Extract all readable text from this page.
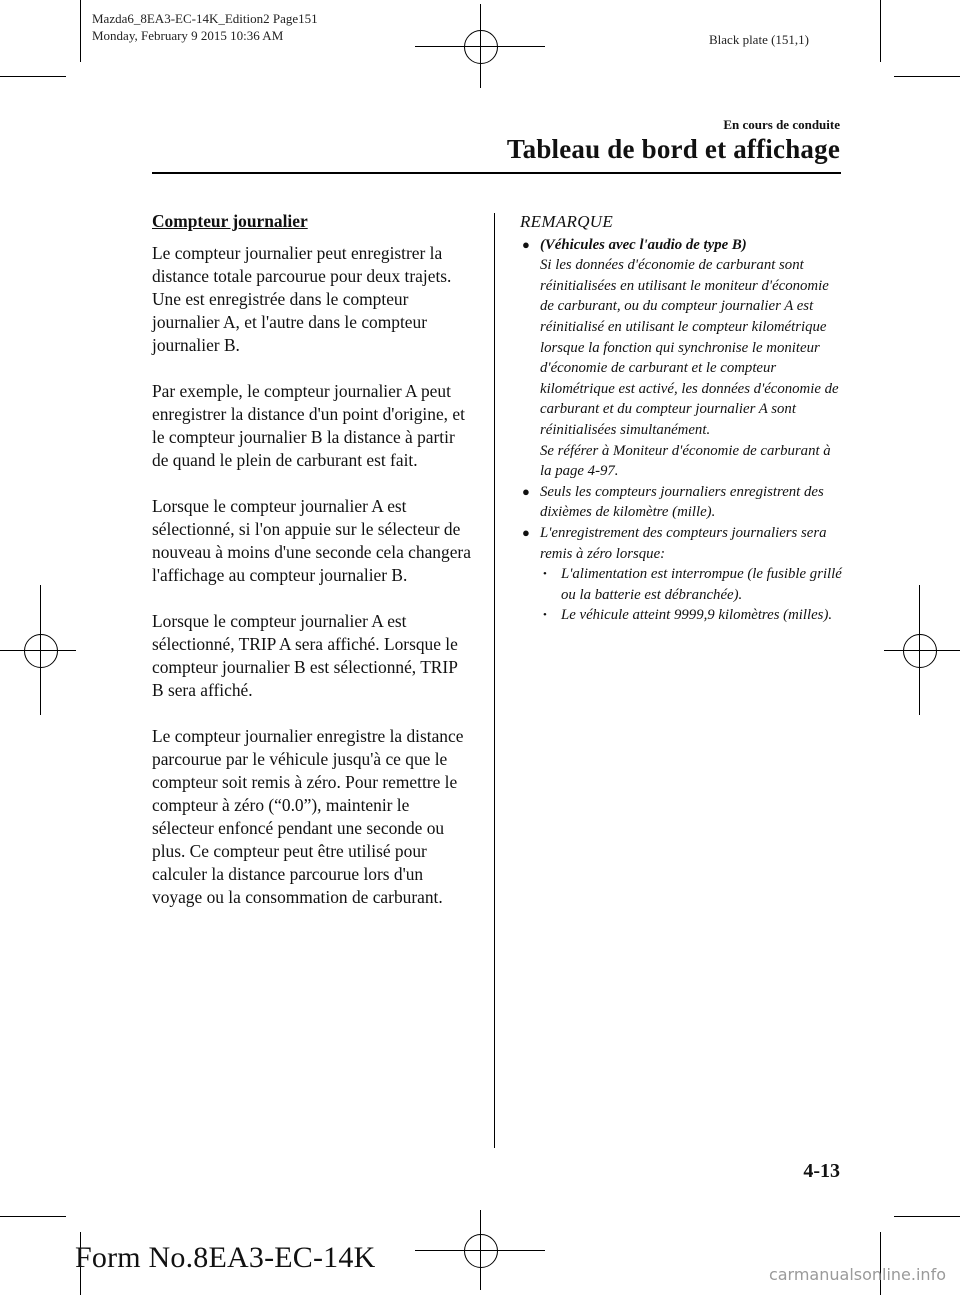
Mazda6_8EA3-EC-14K_Edition2 Page151
Monday, February 9 2015 10:36 AM	Black plate (151,1)
En cours de conduite
Tableau de bord et affichage
Compteur journalier

Le compteur journalier peut enregistrer la distance totale parcourue pour deux trajets. Une est enregistrée dans le compteur journalier A, et l'autre dans le compteur journalier B.

Par exemple, le compteur journalier A peut enregistrer la distance d'un point d'origine, et le compteur journalier B la distance à partir de quand le plein de carburant est fait.

Lorsque le compteur journalier A est sélectionné, si l'on appuie sur le sélecteur de nouveau à moins d'une seconde cela changera l'affichage au compteur journalier B.

Lorsque le compteur journalier A est sélectionné, TRIP A sera affiché. Lorsque le compteur journalier B est sélectionné, TRIP B sera affiché.

Le compteur journalier enregistre la distance parcourue par le véhicule jusqu'à ce que le compteur soit remis à zéro. Pour remettre le compteur à zéro (“0.0”), maintenir le sélecteur enfoncé pendant une seconde ou plus. Ce compteur peut être utilisé pour calculer la distance parcourue lors d'un voyage ou la consommation de carburant.

REMARQUE
● (Véhicules avec l'audio de type B)
Si les données d'économie de carburant sont réinitialisées en utilisant le moniteur d'économie de carburant, ou du compteur journalier A est réinitialisé en utilisant le compteur kilométrique lorsque la fonction qui synchronise le moniteur d'économie de carburant et le compteur kilométrique est activé, les données d'économie de carburant et du compteur journalier A sont réinitialisées simultanément.
Se référer à Moniteur d'économie de carburant à la page 4-97.
● Seuls les compteurs journaliers enregistrent des dixièmes de kilomètre (mille).
● L'enregistrement des compteurs journaliers sera remis à zéro lorsque:
• L'alimentation est interrompue (le fusible grillé ou la batterie est débranchée).
• Le véhicule atteint 9999,9 kilomètres (milles).
4-13
Form No.8EA3-EC-14K
carmanualsonline.info
